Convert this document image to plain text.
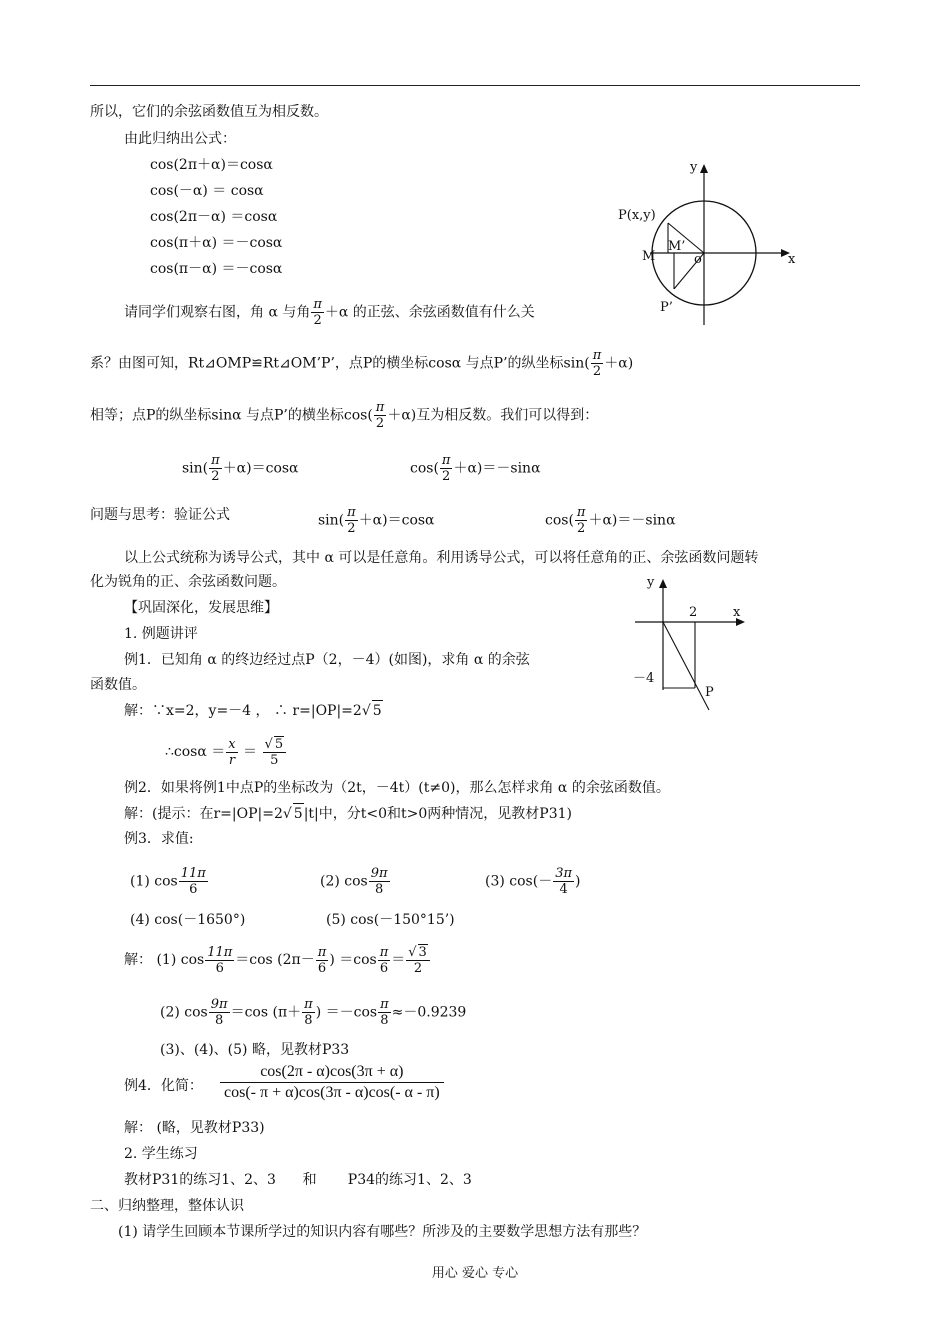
所以，它们的余弦函数值互为相反数。
由此归纳出公式：
cos(2π＋α)＝cosα
cos(－α) ＝ cosα
cos(2π－α) ＝cosα
cos(π＋α) ＝－cosα
cos(π－α) ＝－cosα
y
x
P(x,y)
M
M’
o
P’
请同学们观察右图，角 α 与角 $\frac{\pi}{2} +\alpha$ 的正弦、余弦函数值有什么关
系？由图可知，Rt⊿OMP≌Rt⊿OM’P’，点P的横坐标cosα 与点P’的纵坐标$\sin( \frac{\pi}{2} +\alpha)$
相等；点P的纵坐标sinα 与点P’的横坐标$\cos( \frac{\pi}{2} +\alpha)$互为相反数。我们可以得到：
$\sin( \frac{\pi}{2} +\alpha)=\cos\alpha$	$\cos( \frac{\pi}{2} +\alpha)=-\sin\alpha$
问题与思考：验证公式	$\sin( \frac{\pi}{2} +\alpha)=\cos\alpha$	$\cos( \frac{\pi}{2} +\alpha)=-\sin\alpha$
以上公式统称为诱导公式，其中 α 可以是任意角。利用诱导公式，可以将任意角的正、余弦函数问题转
化为锐角的正、余弦函数问题。	y
x
2
－4
P
【巩固深化，发展思维】
1. 例题讲评
例1．已知角 α 的终边经过点P（2，－4）(如图)，求角 α 的余弦
函数值。
解：∵x=2，y=－4 ， ∴ r=|OP|=2√ 5
∴cosα ＝ $\frac{x}{r} = \frac{√ 5}{5}$
例2．如果将例1中点P的坐标改为（2t，－4t）(t≠0)，那么怎样求角 α 的余弦函数值。
解：(提示：在r=|OP|=2√ 5|t|中，分t<0和t>0两种情况，见教材P31)
例3．求值:
(1) $\cos \frac{11\pi}{6}$	(2) $\cos \frac{9\pi}{8}$	(3) $\cos(- \frac{3\pi}{4}$ )
(4) cos(－1650°)	(5) cos(－150°15’)
解： (1) $\cos \frac{11\pi}{6} =\cos$ ($2\pi- \frac{\pi}{6}$ ) $=\cos \frac{\pi}{6} = \frac{√ 3}{2}$
(2) $\cos \frac{9\pi}{8} =\cos$ ($\pi+ \frac{\pi}{8}$ ) $=-\cos \frac{\pi}{8} \approx-0.9239$
(3)、(4)、(5) 略，见教材P33
例4．化简： $\frac{\cos(2\pi - \alpha)\cos(3\pi + \alpha)}{\cos(- \pi + \alpha)\cos(3\pi - \alpha)\cos(- \alpha - \pi)}$
解： (略，见教材P33)
2. 学生练习
教材P31的练习1、2、3      和       P34的练习1、2、3
二、归纳整理，整体认识
(1) 请学生回顾本节课所学过的知识内容有哪些？所涉及的主要数学思想方法有那些？
用心 爱心 专心
